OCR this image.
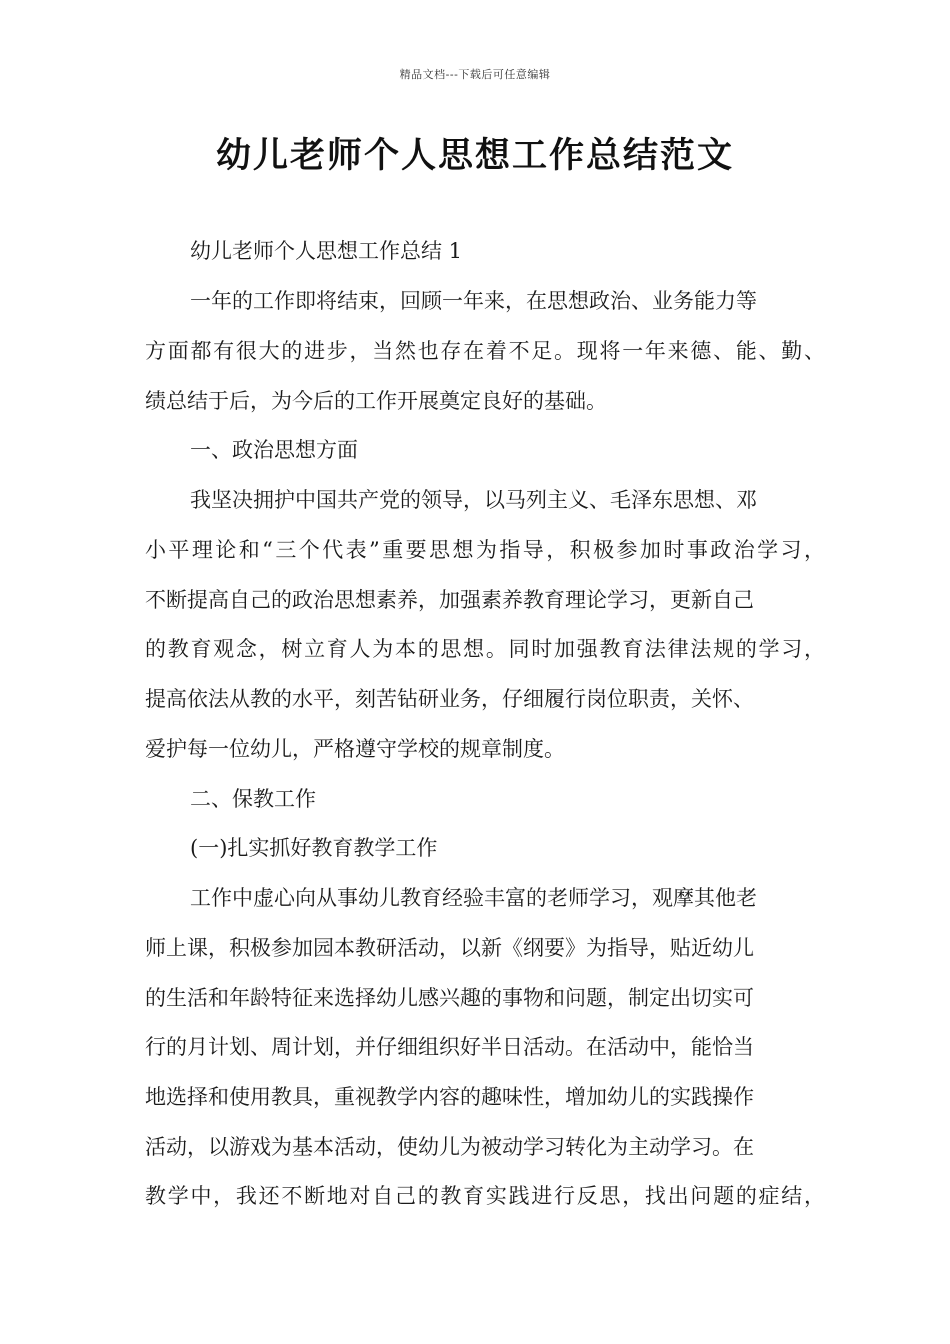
精品文档---下载后可任意编辑
幼儿老师个人思想工作总结范文
幼儿老师个人思想工作总结 1
一年的工作即将结束，回顾一年来，在思想政治、业务能力等
方面都有很大的进步，当然也存在着不足。现将一年来德、能、勤、
绩总结于后，为今后的工作开展奠定良好的基础。
一、政治思想方面
我坚决拥护中国共产党的领导，以马列主义、毛泽东思想、邓
小平理论和“三个代表”重要思想为指导，积极参加时事政治学习，
不断提高自己的政治思想素养，加强素养教育理论学习，更新自己
的教育观念，树立育人为本的思想。同时加强教育法律法规的学习，
提高依法从教的水平，刻苦钻研业务，仔细履行岗位职责，关怀、
爱护每一位幼儿，严格遵守学校的规章制度。
二、保教工作
(一)扎实抓好教育教学工作
工作中虚心向从事幼儿教育经验丰富的老师学习，观摩其他老
师上课，积极参加园本教研活动，以新《纲要》为指导，贴近幼儿
的生活和年龄特征来选择幼儿感兴趣的事物和问题，制定出切实可
行的月计划、周计划，并仔细组织好半日活动。在活动中，能恰当
地选择和使用教具，重视教学内容的趣味性，增加幼儿的实践操作
活动，以游戏为基本活动，使幼儿为被动学习转化为主动学习。在
教学中，我还不断地对自己的教育实践进行反思，找出问题的症结，
